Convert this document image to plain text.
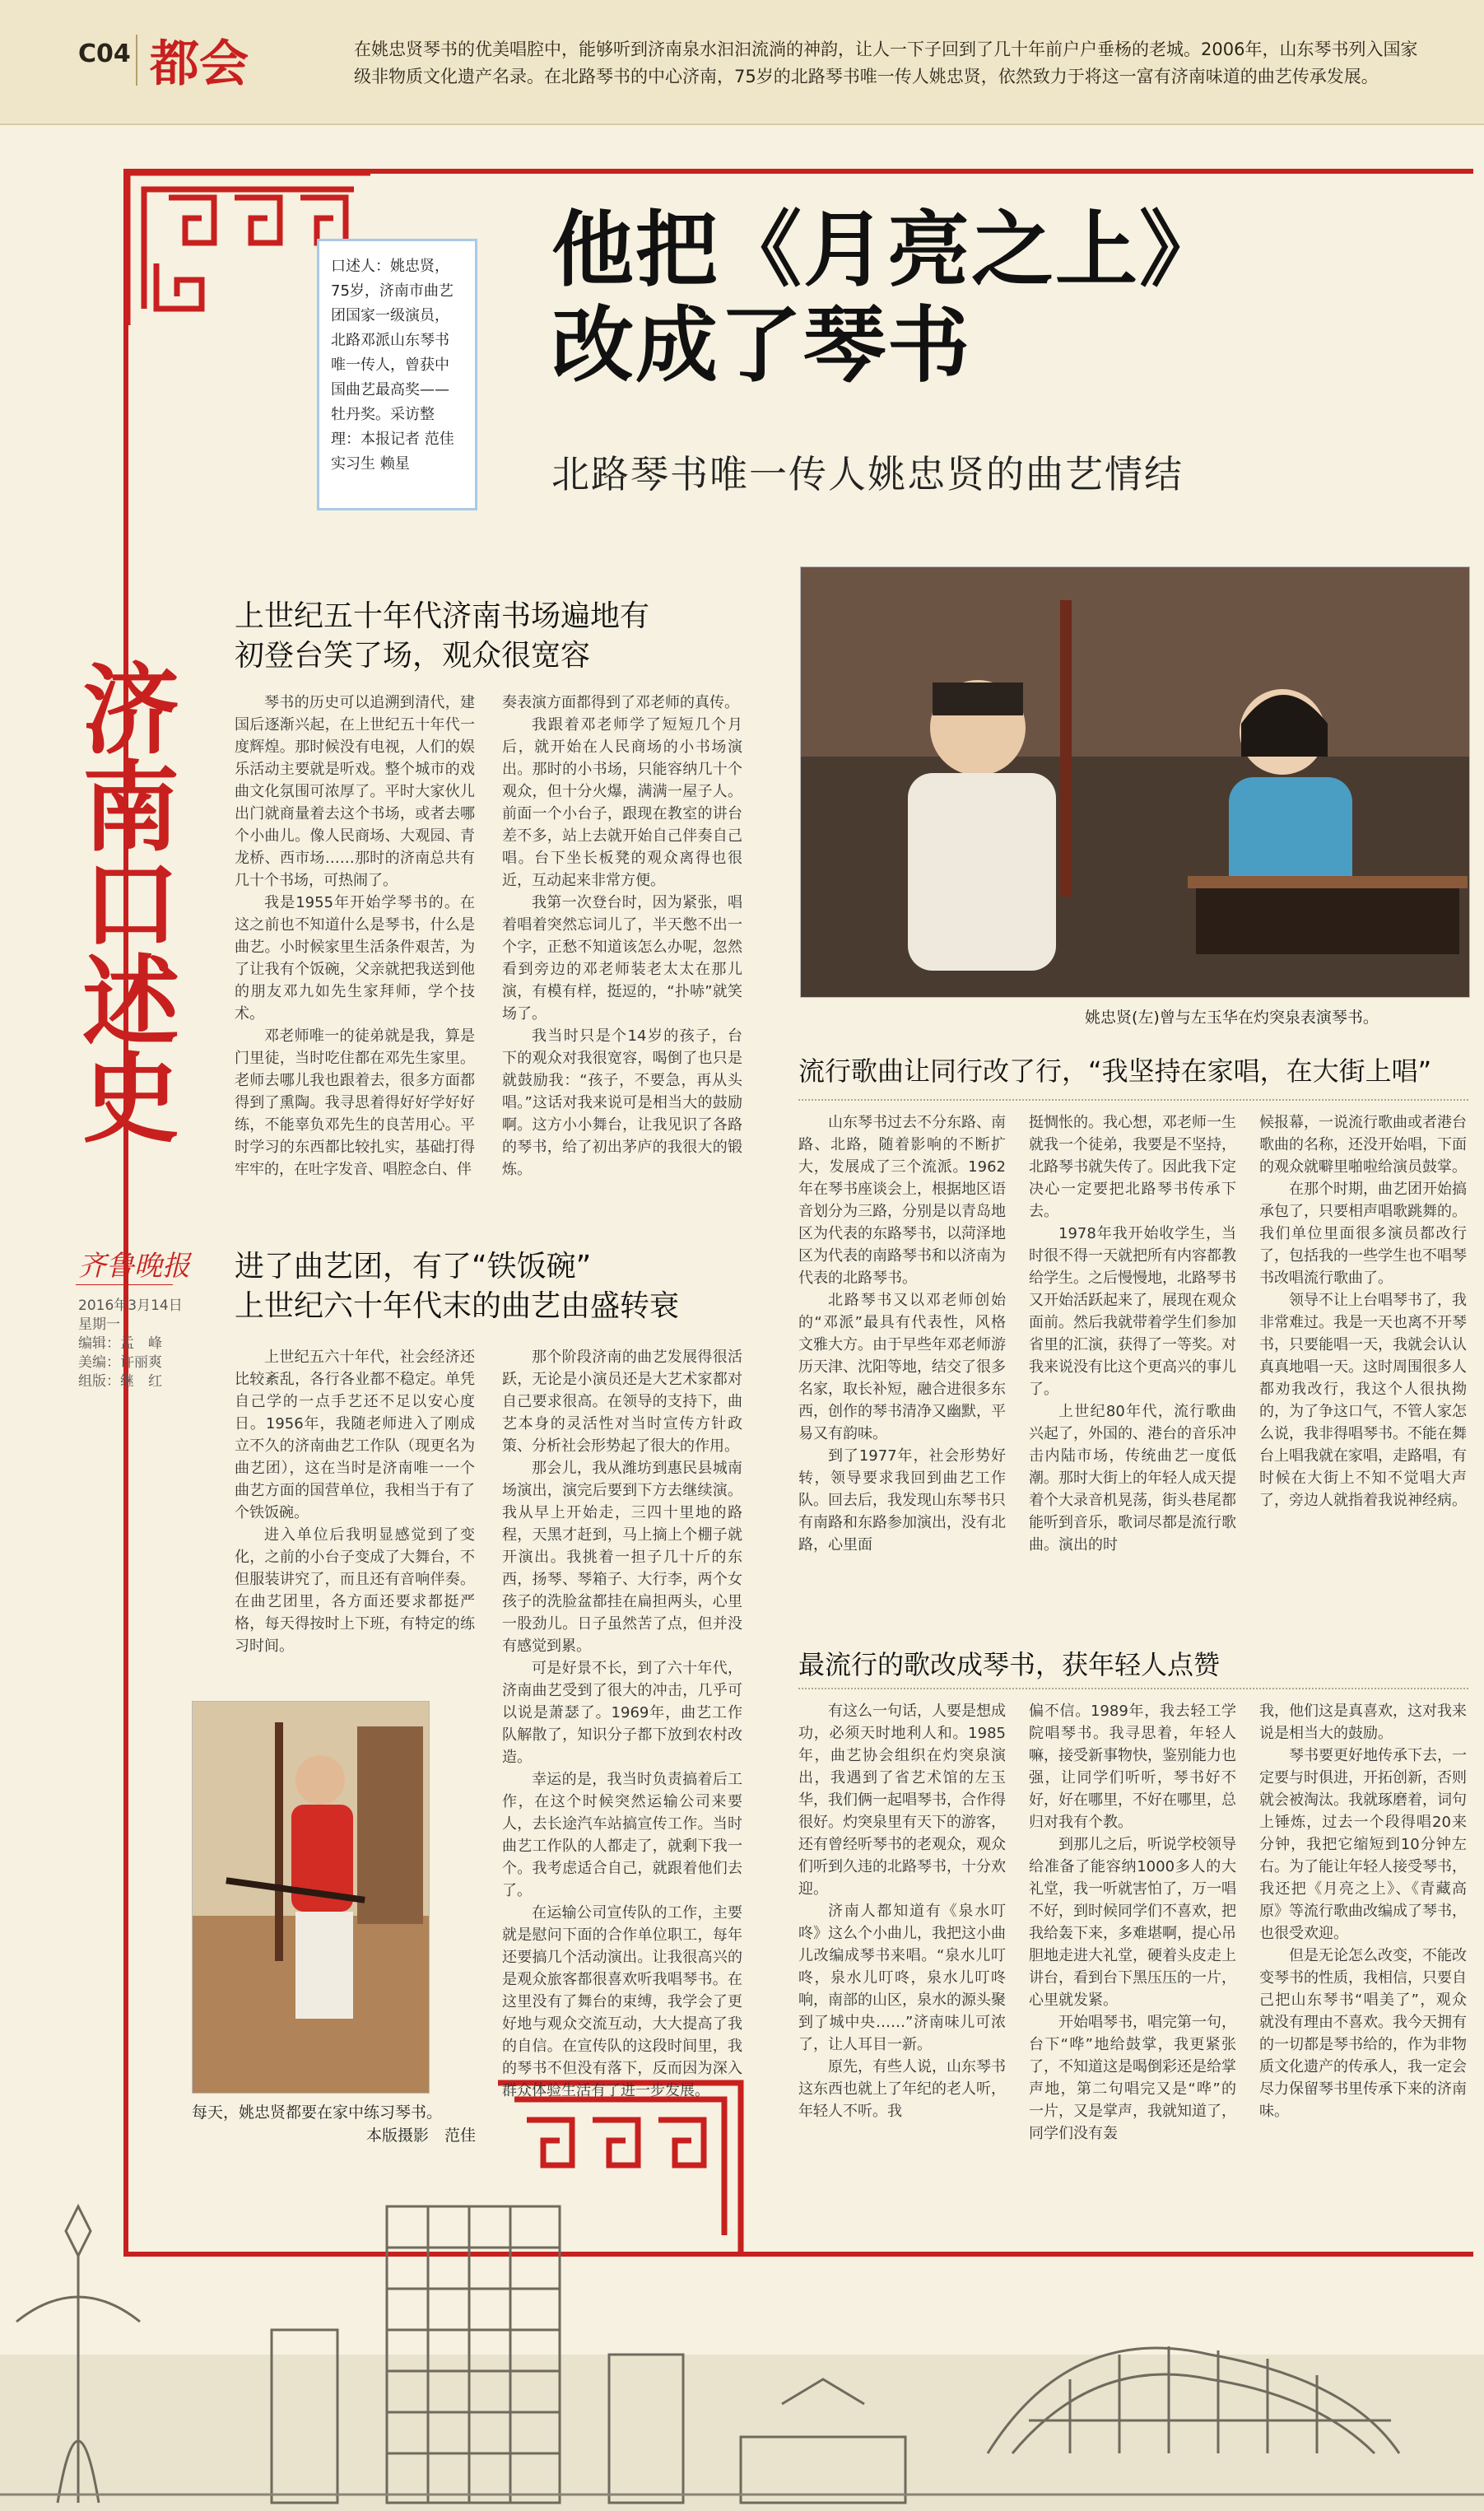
C04 都会	在姚忠贤琴书的优美唱腔中，能够听到济南泉水汩汩流淌的神韵，让人一下子回到了几十年前户户垂杨的老城。2006年，山东琴书列入国家级非物质文化遗产名录。在北路琴书的中心济南，75岁的北路琴书唯一传人姚忠贤，依然致力于将这一富有济南味道的曲艺传承发展。
口述人：姚忠贤，75岁，济南市曲艺团国家一级演员，北路邓派山东琴书唯一传人，曾获中国曲艺最高奖——牡丹奖。采访整理：本报记者 范佳 实习生 赖星
他把《月亮之上》
改成了琴书
北路琴书唯一传人姚忠贤的曲艺情结
济南口述史
齐鲁晚报
2016年3月14日
星期一
编辑：孟　峰
美编：许丽爽
组版：继　红
上世纪五十年代济南书场遍地有
初登台笑了场，观众很宽容

琴书的历史可以追溯到清代，建国后逐渐兴起，在上世纪五十年代一度辉煌。那时候没有电视，人们的娱乐活动主要就是听戏。整个城市的戏曲文化氛围可浓厚了。平时大家伙儿出门就商量着去这个书场，或者去哪个小曲儿。像人民商场、大观园、青龙桥、西市场……那时的济南总共有几十个书场，可热闹了。

我是1955年开始学琴书的。在这之前也不知道什么是琴书，什么是曲艺。小时候家里生活条件艰苦，为了让我有个饭碗，父亲就把我送到他的朋友邓九如先生家拜师，学个技术。

邓老师唯一的徒弟就是我，算是门里徒，当时吃住都在邓先生家里。老师去哪儿我也跟着去，很多方面都得到了熏陶。我寻思着得好好学好好练，不能辜负邓先生的良苦用心。平时学习的东西都比较扎实，基础打得牢牢的，在吐字发音、唱腔念白、伴

奏表演方面都得到了邓老师的真传。

我跟着邓老师学了短短几个月后，就开始在人民商场的小书场演出。那时的小书场，只能容纳几十个观众，但十分火爆，满满一屋子人。前面一个小台子，跟现在教室的讲台差不多，站上去就开始自己伴奏自己唱。台下坐长板凳的观众离得也很近，互动起来非常方便。

我第一次登台时，因为紧张，唱着唱着突然忘词儿了，半天憋不出一个字，正愁不知道该怎么办呢，忽然看到旁边的邓老师装老太太在那儿演，有模有样，挺逗的，“扑哧”就笑场了。

我当时只是个14岁的孩子，台下的观众对我很宽容，喝倒了也只是就鼓励我：“孩子，不要急，再从头唱。”这话对我来说可是相当大的鼓励啊。这方小小舞台，让我见识了各路的琴书，给了初出茅庐的我很大的锻炼。

进了曲艺团，有了“铁饭碗”
上世纪六十年代末的曲艺由盛转衰

上世纪五六十年代，社会经济还比较紊乱，各行各业都不稳定。单凭自己学的一点手艺还不足以安心度日。1956年，我随老师进入了刚成立不久的济南曲艺工作队（现更名为曲艺团），这在当时是济南唯一一个曲艺方面的国营单位，我相当于有了个铁饭碗。

进入单位后我明显感觉到了变化，之前的小台子变成了大舞台，不但服装讲究了，而且还有音响伴奏。在曲艺团里，各方面还要求都挺严格，每天得按时上下班，有特定的练习时间。

那个阶段济南的曲艺发展得很活跃，无论是小演员还是大艺术家都对自己要求很高。在领导的支持下，曲艺本身的灵活性对当时宣传方针政策、分析社会形势起了很大的作用。

那会儿，我从潍坊到惠民县城南场演出，演完后要到下方去继续演。我从早上开始走，三四十里地的路程，天黑才赶到，马上摘上个棚子就开演出。我挑着一担子几十斤的东西，扬琴、琴箱子、大行李，两个女孩子的洗脸盆都挂在扁担两头，心里一股劲儿。日子虽然苦了点，但并没有感觉到累。

可是好景不长，到了六十年代，济南曲艺受到了很大的冲击，几乎可以说是萧瑟了。1969年，曲艺工作队解散了，知识分子都下放到农村改造。

幸运的是，我当时负责搞着后工作，在这个时候突然运输公司来要人，去长途汽车站搞宣传工作。当时曲艺工作队的人都走了，就剩下我一个。我考虑适合自己，就跟着他们去了。

在运输公司宣传队的工作，主要就是慰问下面的合作单位职工，每年还要搞几个活动演出。让我很高兴的是观众旅客都很喜欢听我唱琴书。在这里没有了舞台的束缚，我学会了更好地与观众交流互动，大大提高了我的自信。在宣传队的这段时间里，我的琴书不但没有落下，反而因为深入群众体验生活有了进一步发展。

姚忠贤(左)曾与左玉华在灼突泉表演琴书。
流行歌曲让同行改了行，“我坚持在家唱，在大街上唱”

山东琴书过去不分东路、南路、北路，随着影响的不断扩大，发展成了三个流派。1962年在琴书座谈会上，根据地区语音划分为三路，分别是以青岛地区为代表的东路琴书，以菏泽地区为代表的南路琴书和以济南为代表的北路琴书。

北路琴书又以邓老师创始的“邓派”最具有代表性，风格文雅大方。由于早些年邓老师游历天津、沈阳等地，结交了很多名家，取长补短，融合进很多东西，创作的琴书清净又幽默，平易又有韵味。

到了1977年，社会形势好转，领导要求我回到曲艺工作队。回去后，我发现山东琴书只有南路和东路参加演出，没有北路，心里面

挺惆怅的。我心想，邓老师一生就我一个徒弟，我要是不坚持，北路琴书就失传了。因此我下定决心一定要把北路琴书传承下去。

1978年我开始收学生，当时很不得一天就把所有内容都教给学生。之后慢慢地，北路琴书又开始活跃起来了，展现在观众面前。然后我就带着学生们参加省里的汇演，获得了一等奖。对我来说没有比这个更高兴的事儿了。

上世纪80年代，流行歌曲兴起了，外国的、港台的音乐冲击内陆市场，传统曲艺一度低潮。那时大街上的年轻人成天提着个大录音机晃荡，街头巷尾都能听到音乐，歌词尽都是流行歌曲。演出的时

候报幕，一说流行歌曲或者港台歌曲的名称，还没开始唱，下面的观众就噼里啪啦给演员鼓掌。

在那个时期，曲艺团开始搞承包了，只要相声唱歌跳舞的。我们单位里面很多演员都改行了，包括我的一些学生也不唱琴书改唱流行歌曲了。

领导不让上台唱琴书了，我非常难过。我是一天也离不开琴书，只要能唱一天，我就会认认真真地唱一天。这时周围很多人都劝我改行，我这个人很执拗的，为了争这口气，不管人家怎么说，我非得唱琴书。不能在舞台上唱我就在家唱，走路唱，有时候在大街上不知不觉唱大声了，旁边人就指着我说神经病。

每天，姚忠贤都要在家中练习琴书。
本版摄影　范佳
最流行的歌改成琴书，获年轻人点赞

有这么一句话，人要是想成功，必须天时地利人和。1985年，曲艺协会组织在灼突泉演出，我遇到了省艺术馆的左玉华，我们俩一起唱琴书，合作得很好。灼突泉里有天下的游客，还有曾经听琴书的老观众，观众们听到久违的北路琴书，十分欢迎。

济南人都知道有《泉水叮咚》这么个小曲儿，我把这小曲儿改编成琴书来唱。“泉水儿叮咚，泉水儿叮咚，泉水儿叮咚响，南部的山区，泉水的源头聚到了城中央……”济南味儿可浓了，让人耳目一新。

原先，有些人说，山东琴书这东西也就上了年纪的老人听，年轻人不听。我

偏不信。1989年，我去轻工学院唱琴书。我寻思着，年轻人嘛，接受新事物快，鉴别能力也强，让同学们听听，琴书好不好，好在哪里，不好在哪里，总归对我有个教。

到那儿之后，听说学校领导给准备了能容纳1000多人的大礼堂，我一听就害怕了，万一唱不好，到时候同学们不喜欢，把我给轰下来，多难堪啊，提心吊胆地走进大礼堂，硬着头皮走上讲台，看到台下黑压压的一片，心里就发紧。

开始唱琴书，唱完第一句，台下“哗”地给鼓掌，我更紧张了，不知道这是喝倒彩还是给掌声地，第二句唱完又是“哗”的一片，又是掌声，我就知道了，同学们没有轰

我，他们这是真喜欢，这对我来说是相当大的鼓励。

琴书要更好地传承下去，一定要与时俱进，开拓创新，否则就会被淘汰。我就琢磨着，词句上锤炼，过去一个段得唱20来分钟，我把它缩短到10分钟左右。为了能让年轻人接受琴书，我还把《月亮之上》、《青藏高原》等流行歌曲改编成了琴书，也很受欢迎。

但是无论怎么改变，不能改变琴书的性质，我相信，只要自己把山东琴书“唱美了”，观众就没有理由不喜欢。我今天拥有的一切都是琴书给的，作为非物质文化遗产的传承人，我一定会尽力保留琴书里传承下来的济南味。
